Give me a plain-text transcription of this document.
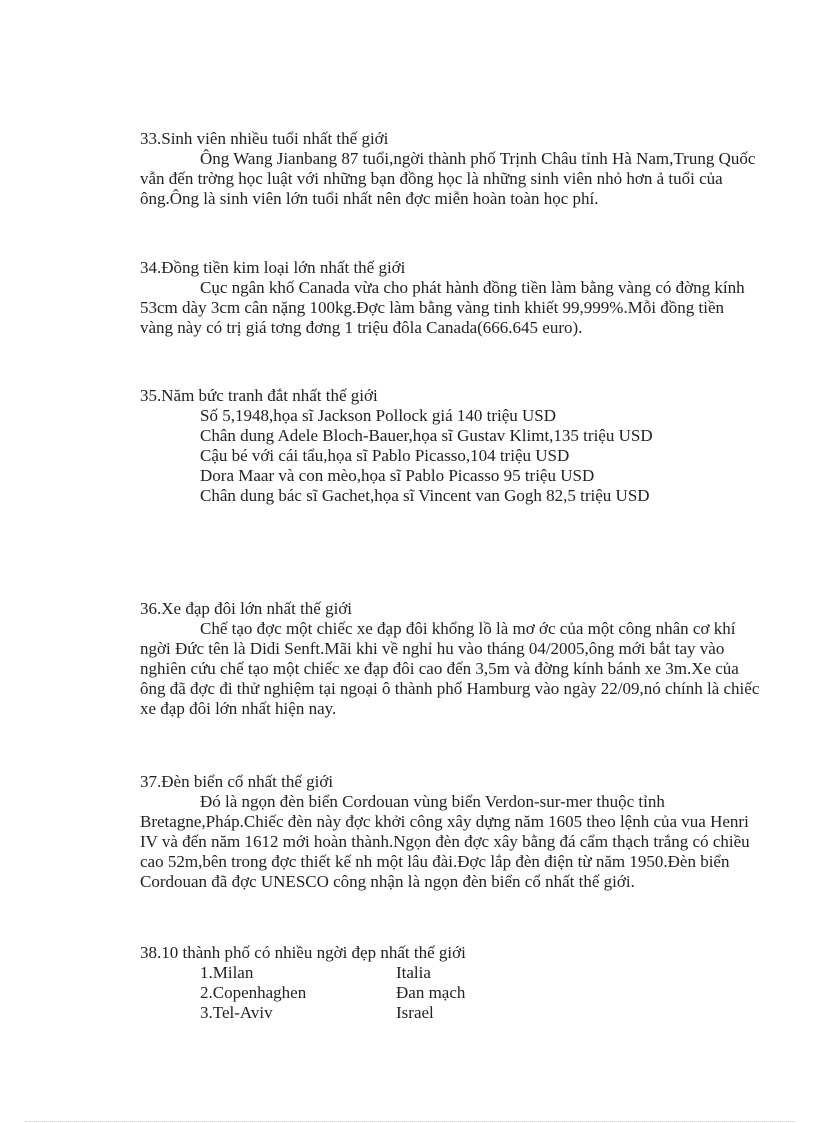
33.Sinh viên nhiều tuổi nhất thế giới

Ông Wang Jianbang 87 tuổi,ngời thành phố Trịnh Châu tỉnh Hà Nam,Trung Quốc vẫn đến trờng học luật với những bạn đồng học là những sinh viên nhỏ hơn ả tuổi của ông.Ông là sinh viên lớn tuổi nhất nên đợc miễn hoàn toàn học phí.

34.Đồng tiền kim loại lớn nhất thế giới

Cục ngân khố Canada vừa cho phát hành đồng tiền làm bằng vàng có đờng kính 53cm dày 3cm cân nặng 100kg.Đợc làm bằng vàng tinh khiết 99,999%.Mỗi đồng tiền vàng này có trị giá tơng đơng 1 triệu đôla Canada(666.645 euro).

35.Năm bức tranh đắt nhất thế giới
Số 5,1948,họa sĩ Jackson Pollock giá 140 triệu USD
Chân dung Adele Bloch-Bauer,họa sĩ Gustav Klimt,135 triệu USD
Cậu bé với cái tẩu,họa sĩ Pablo Picasso,104 triệu USD
Dora Maar và con mèo,họa sĩ Pablo Picasso 95 triệu USD
Chân dung bác sĩ Gachet,họa sĩ Vincent van Gogh 82,5 triệu USD
36.Xe đạp đôi lớn nhất thế giới

Chế tạo đợc một chiếc xe đạp đôi khổng lồ là mơ ớc của một công nhân cơ khí ngời Đức tên là Didi Senft.Mãi khi về nghỉ hu vào tháng 04/2005,ông mới bắt tay vào nghiên cứu chế tạo một chiếc xe đạp đôi cao đến 3,5m và đờng kính bánh xe 3m.Xe của ông đã đợc đi thử nghiệm tại ngoại ô thành phố Hamburg vào ngày 22/09,nó chính là chiếc xe đạp đôi lớn nhất hiện nay.

37.Đèn biển cổ nhất thế giới

Đó là ngọn đèn biển Cordouan vùng biển Verdon-sur-mer thuộc tỉnh Bretagne,Pháp.Chiếc đèn này đợc khởi công xây dựng năm 1605 theo lệnh của vua Henri IV và đến năm 1612 mới hoàn thành.Ngọn đèn đợc xây bằng đá cẩm thạch trắng có chiều cao 52m,bên trong đợc thiết kế nh một lâu đài.Đợc lắp đèn điện từ năm 1950.Đèn biển Cordouan đã đợc UNESCO công nhận là ngọn đèn biển cổ nhất thế giới.

38.10 thành phố có nhiều ngời đẹp nhất thế giới
1.Milan	Italia
2.Copenhaghen	Đan mạch
3.Tel-Aviv	Israel
